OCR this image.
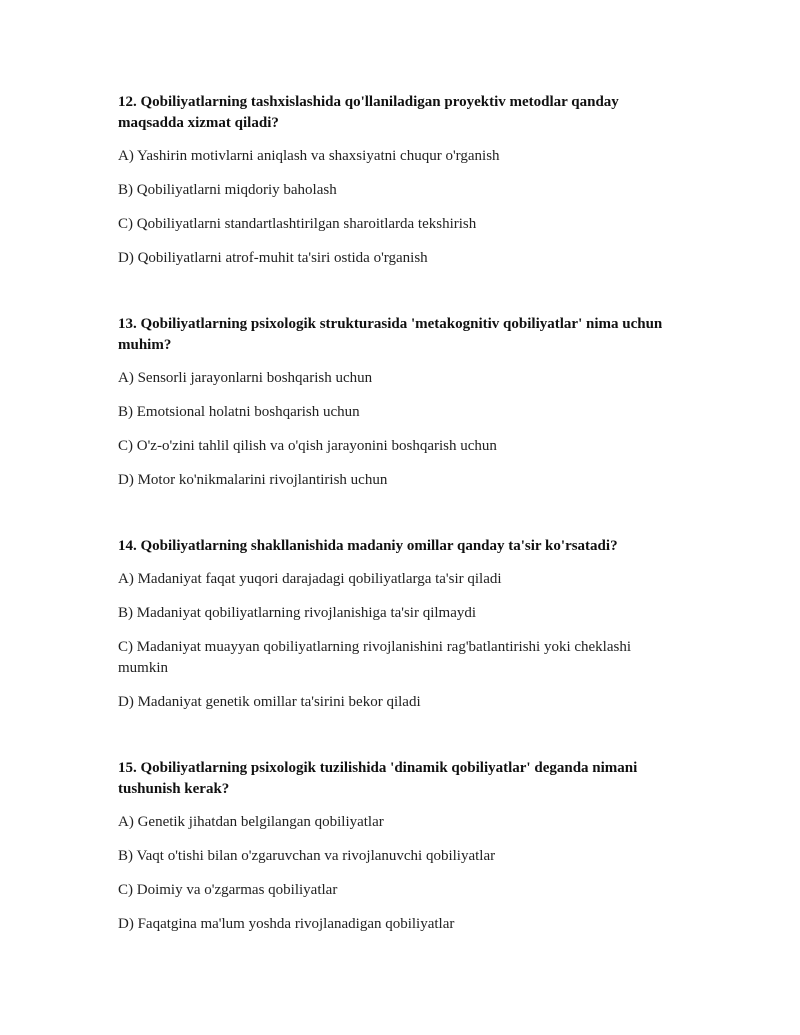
12. Qobiliyatlarning tashxislashida qo'llaniladigan proyektiv metodlar qanday maqsadda xizmat qiladi?
A) Yashirin motivlarni aniqlash va shaxsiyatni chuqur o'rganish
B) Qobiliyatlarni miqdoriy baholash
C) Qobiliyatlarni standartlashtirilgan sharoitlarda tekshirish
D) Qobiliyatlarni atrof-muhit ta'siri ostida o'rganish
13. Qobiliyatlarning psixologik strukturasida 'metakognitiv qobiliyatlar' nima uchun muhim?
A) Sensorli jarayonlarni boshqarish uchun
B) Emotsional holatni boshqarish uchun
C) O'z-o'zini tahlil qilish va o'qish jarayonini boshqarish uchun
D) Motor ko'nikmalarini rivojlantirish uchun
14. Qobiliyatlarning shakllanishida madaniy omillar qanday ta'sir ko'rsatadi?
A) Madaniyat faqat yuqori darajadagi qobiliyatlarga ta'sir qiladi
B) Madaniyat qobiliyatlarning rivojlanishiga ta'sir qilmaydi
C) Madaniyat muayyan qobiliyatlarning rivojlanishini rag'batlantirishi yoki cheklashi mumkin
D) Madaniyat genetik omillar ta'sirini bekor qiladi
15. Qobiliyatlarning psixologik tuzilishida 'dinamik qobiliyatlar' deganda nimani tushunish kerak?
A) Genetik jihatdan belgilangan qobiliyatlar
B) Vaqt o'tishi bilan o'zgaruvchan va rivojlanuvchi qobiliyatlar
C) Doimiy va o'zgarmas qobiliyatlar
D) Faqatgina ma'lum yoshda rivojlanadigan qobiliyatlar
